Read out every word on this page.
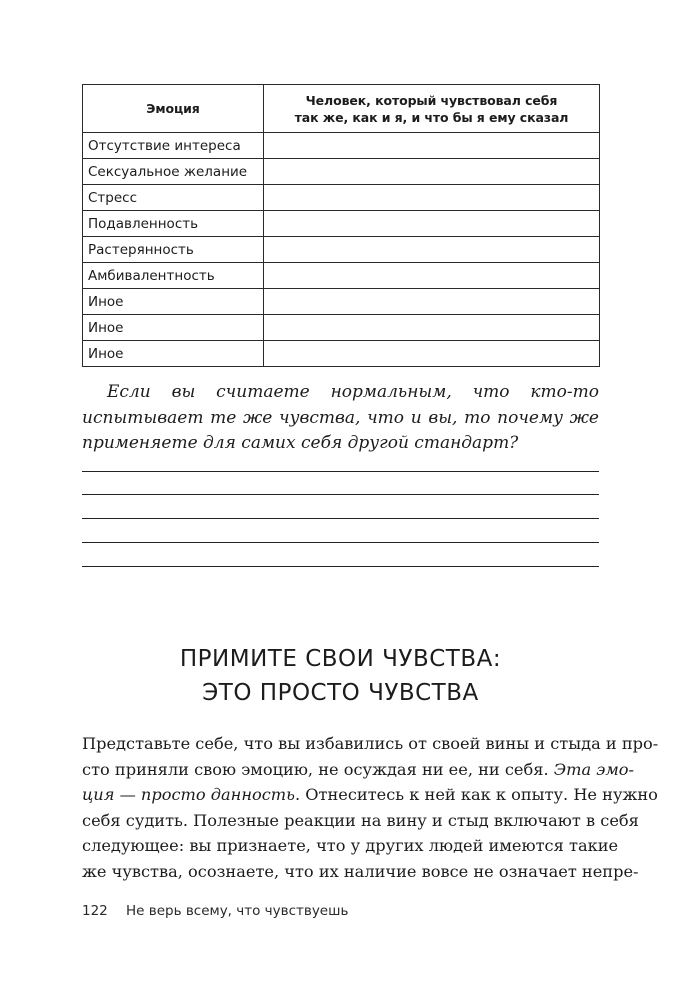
Эмоция	Человек, который чувствовал себя так же, как и я, и что бы я ему сказал
Отсутствие интереса	
Сексуальное желание	
Стресс	
Подавленность	
Растерянность	
Амбивалентность	
Иное	
Иное	
Иное	

Если вы считаете нормальным, что кто-то испытывает те же чувства, что и вы, то почему же применяете для самих себя другой стандарт?

ПРИМИТЕ СВОИ ЧУВСТВА:
ЭТО ПРОСТО ЧУВСТВА

Представьте себе, что вы избавились от своей вины и стыда и про-
сто приняли свою эмоцию, не осуждая ни ее, ни себя. Эта эмо-
ция — просто данность. Отнеситесь к ней как к опыту. Не нужно
себя судить. Полезные реакции на вину и стыд включают в себя
следующее: вы признаете, что у других людей имеются такие
же чувства, осознаете, что их наличие вовсе не означает непре-

122 Не верь всему, что чувствуешь
